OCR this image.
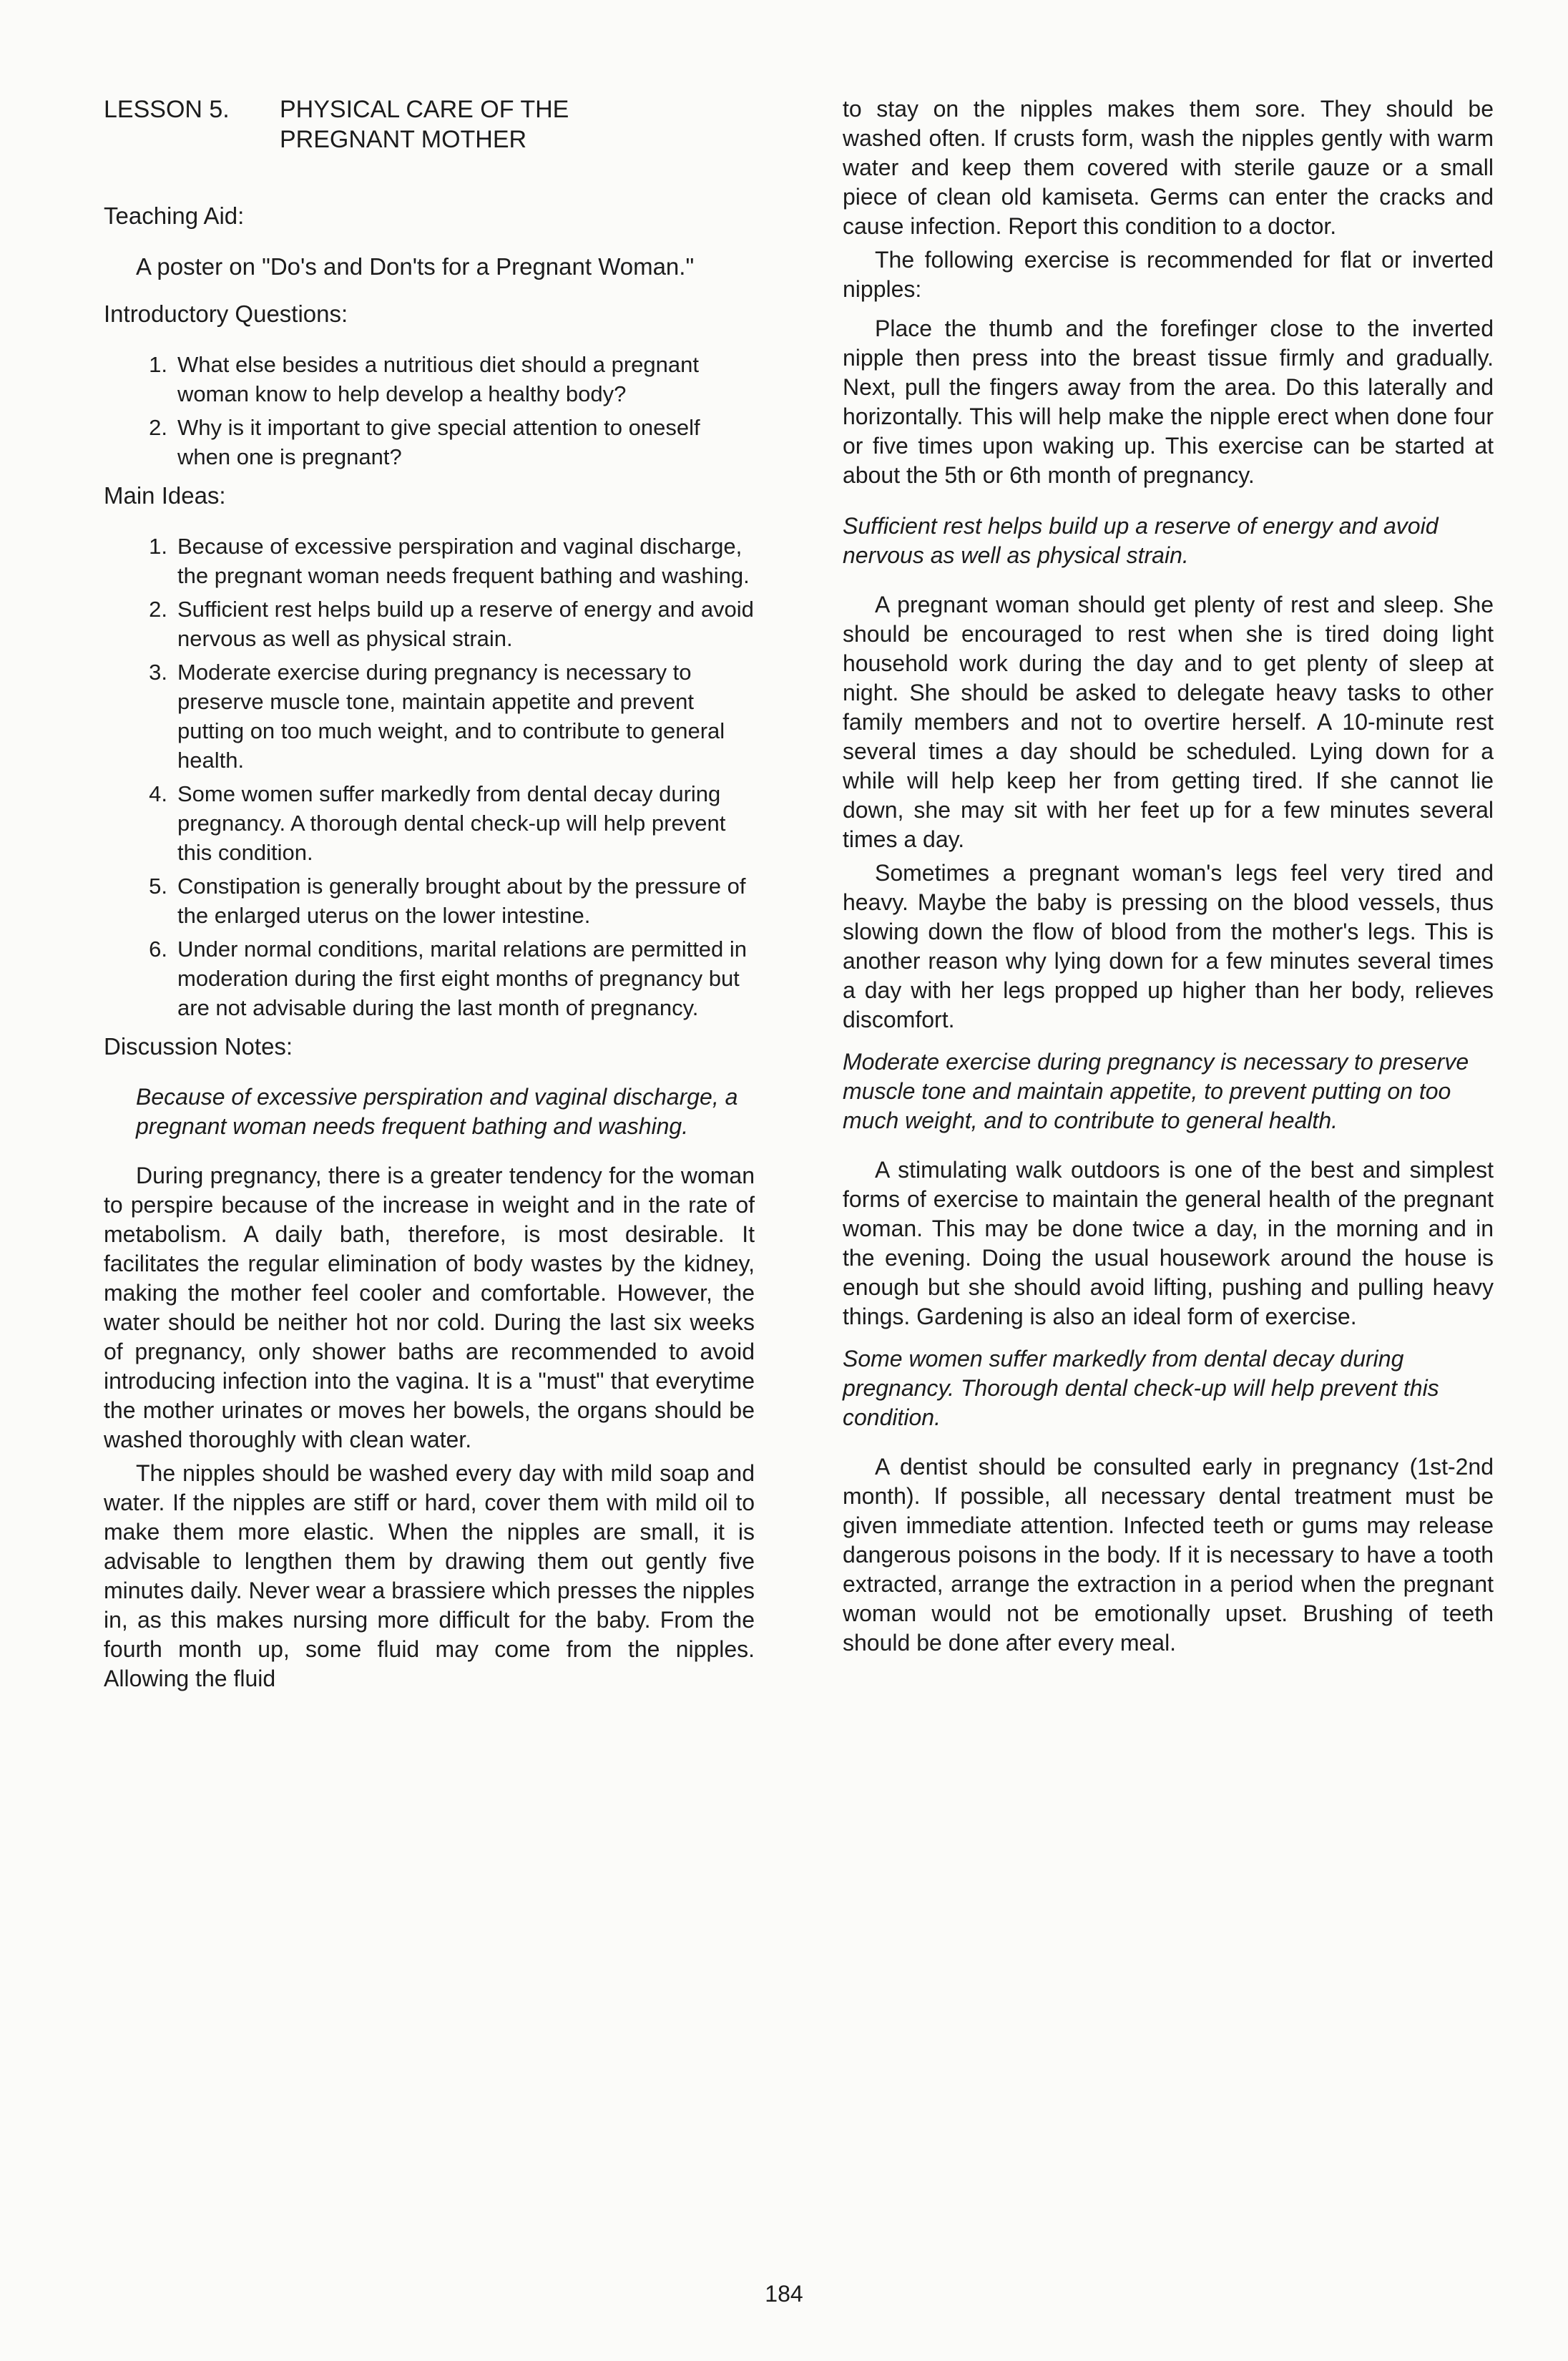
LESSON 5.	PHYSICAL CARE OF THE PREGNANT MOTHER
Teaching Aid:
A poster on "Do's and Don'ts for a Pregnant Woman."
Introductory Questions:
1. What else besides a nutritious diet should a pregnant woman know to help develop a healthy body?
2. Why is it important to give special attention to oneself when one is pregnant?
Main Ideas:
1. Because of excessive perspiration and vaginal discharge, the pregnant woman needs frequent bathing and washing.
2. Sufficient rest helps build up a reserve of energy and avoid nervous as well as physical strain.
3. Moderate exercise during pregnancy is necessary to preserve muscle tone, maintain appetite and prevent putting on too much weight, and to contribute to general health.
4. Some women suffer markedly from dental decay during pregnancy. A thorough dental check-up will help prevent this condition.
5. Constipation is generally brought about by the pressure of the enlarged uterus on the lower intestine.
6. Under normal conditions, marital relations are permitted in moderation during the first eight months of pregnancy but are not advisable during the last month of pregnancy.
Discussion Notes:

Because of excessive perspiration and vaginal discharge, a pregnant woman needs frequent bathing and washing.

During pregnancy, there is a greater tendency for the woman to perspire because of the increase in weight and in the rate of metabolism. A daily bath, therefore, is most desirable. It facilitates the regular elimination of body wastes by the kidney, making the mother feel cooler and comfortable. However, the water should be neither hot nor cold. During the last six weeks of pregnancy, only shower baths are recommended to avoid introducing infection into the vagina. It is a "must" that everytime the mother urinates or moves her bowels, the organs should be washed thoroughly with clean water.

The nipples should be washed every day with mild soap and water. If the nipples are stiff or hard, cover them with mild oil to make them more elastic. When the nipples are small, it is advisable to lengthen them by drawing them out gently five minutes daily. Never wear a brassiere which presses the nipples in, as this makes nursing more difficult for the baby. From the fourth month up, some fluid may come from the nipples. Allowing the fluid

to stay on the nipples makes them sore. They should be washed often. If crusts form, wash the nipples gently with warm water and keep them covered with sterile gauze or a small piece of clean old kamiseta. Germs can enter the cracks and cause infection. Report this condition to a doctor.

The following exercise is recommended for flat or inverted nipples:

Place the thumb and the forefinger close to the inverted nipple then press into the breast tissue firmly and gradually. Next, pull the fingers away from the area. Do this laterally and horizontally. This will help make the nipple erect when done four or five times upon waking up. This exercise can be started at about the 5th or 6th month of pregnancy.

Sufficient rest helps build up a reserve of energy and avoid nervous as well as physical strain.

A pregnant woman should get plenty of rest and sleep. She should be encouraged to rest when she is tired doing light household work during the day and to get plenty of sleep at night. She should be asked to delegate heavy tasks to other family members and not to overtire herself. A 10-minute rest several times a day should be scheduled. Lying down for a while will help keep her from getting tired. If she cannot lie down, she may sit with her feet up for a few minutes several times a day.

Sometimes a pregnant woman's legs feel very tired and heavy. Maybe the baby is pressing on the blood vessels, thus slowing down the flow of blood from the mother's legs. This is another reason why lying down for a few minutes several times a day with her legs propped up higher than her body, relieves discomfort.

Moderate exercise during pregnancy is necessary to preserve muscle tone and maintain appetite, to prevent putting on too much weight, and to contribute to general health.

A stimulating walk outdoors is one of the best and simplest forms of exercise to maintain the general health of the pregnant woman. This may be done twice a day, in the morning and in the evening. Doing the usual housework around the house is enough but she should avoid lifting, pushing and pulling heavy things. Gardening is also an ideal form of exercise.

Some women suffer markedly from dental decay during pregnancy. Thorough dental check-up will help prevent this condition.

A dentist should be consulted early in pregnancy (1st-2nd month). If possible, all necessary dental treatment must be given immediate attention. Infected teeth or gums may release dangerous poisons in the body. If it is necessary to have a tooth extracted, arrange the extraction in a period when the pregnant woman would not be emotionally upset. Brushing of teeth should be done after every meal.

184
